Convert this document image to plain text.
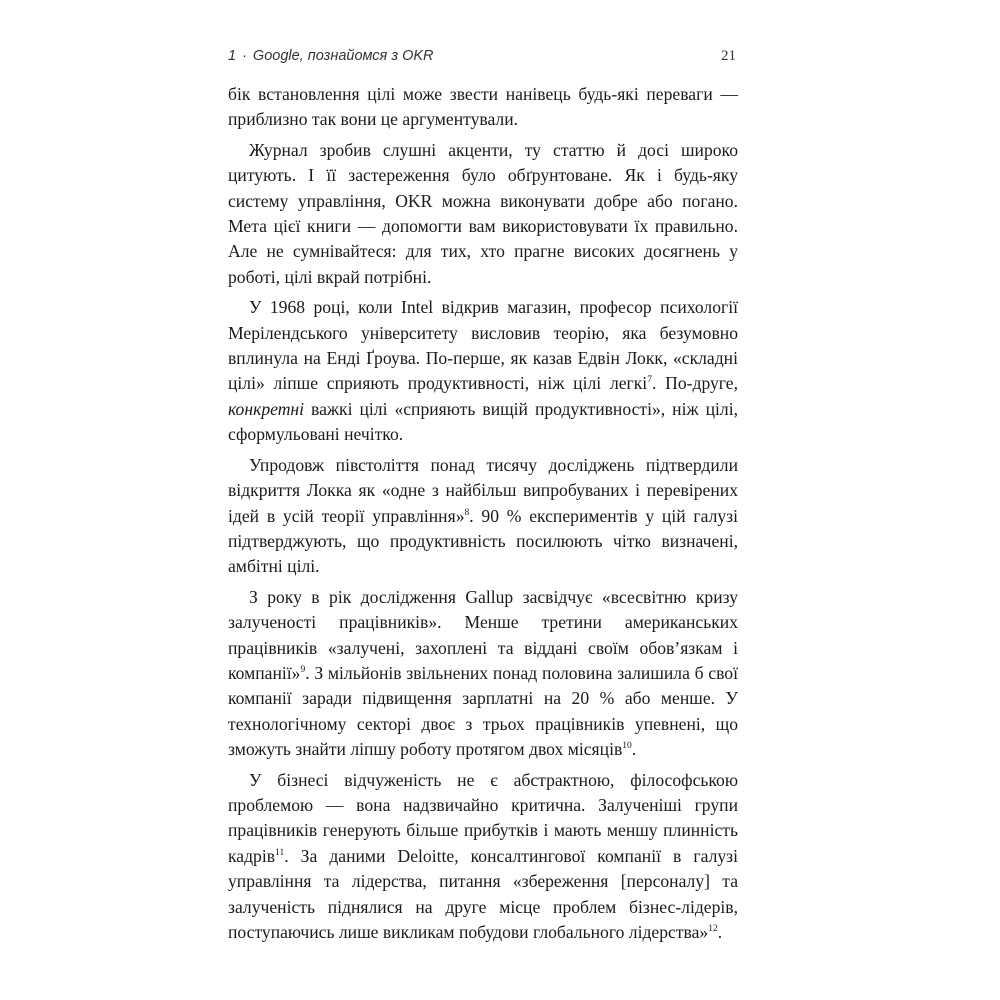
1 · Google, познайомся з OKR	21

бік встановлення цілі може звести нанівець будь-які переваги — приблизно так вони це аргументували.

Журнал зробив слушні акценти, ту статтю й досі широко цитують. І її застереження було обґрунтоване. Як і будь-яку систему управління, OKR можна виконувати добре або погано. Мета цієї книги — допомогти вам використовувати їх правильно. Але не сумнівайтеся: для тих, хто прагне високих досягнень у роботі, цілі вкрай потрібні.

У 1968 році, коли Intel відкрив магазин, професор психології Мерілендського університету висловив теорію, яка безумовно вплинула на Енді Ґроува. По-перше, як казав Едвін Локк, «складні цілі» ліпше сприяють продуктивності, ніж цілі легкі$^7$. По-друге, конкретні важкі цілі «сприяють вищій продуктивності», ніж цілі, сформульовані нечітко.

Упродовж півстоліття понад тисячу досліджень підтвердили відкриття Локка як «одне з найбільш випробуваних і перевірених ідей в усій теорії управління»$^8$. 90 % експериментів у цій галузі підтверджують, що продуктивність посилюють чітко визначені, амбітні цілі.

З року в рік дослідження Gallup засвідчує «всесвітню кризу залученості працівників». Менше третини американських працівників «залучені, захоплені та віддані своїм обов’язкам і компанії»$^9$. З мільйонів звільнених понад половина залишила б свої компанії заради підвищення зарплатні на 20 % або менше. У технологічному секторі двоє з трьох працівників упевнені, що зможуть знайти ліпшу роботу протягом двох місяців$^{10}$.

У бізнесі відчуженість не є абстрактною, філософською проблемою — вона надзвичайно критична. Залученіші групи працівників генерують більше прибутків і мають меншу плинність кадрів$^{11}$. За даними Deloitte, консалтингової компанії в галузі управління та лідерства, питання «збереження [персоналу] та залученість піднялися на друге місце проблем бізнес-лідерів, поступаючись лише викликам побудови глобального лідерства»$^{12}$.
